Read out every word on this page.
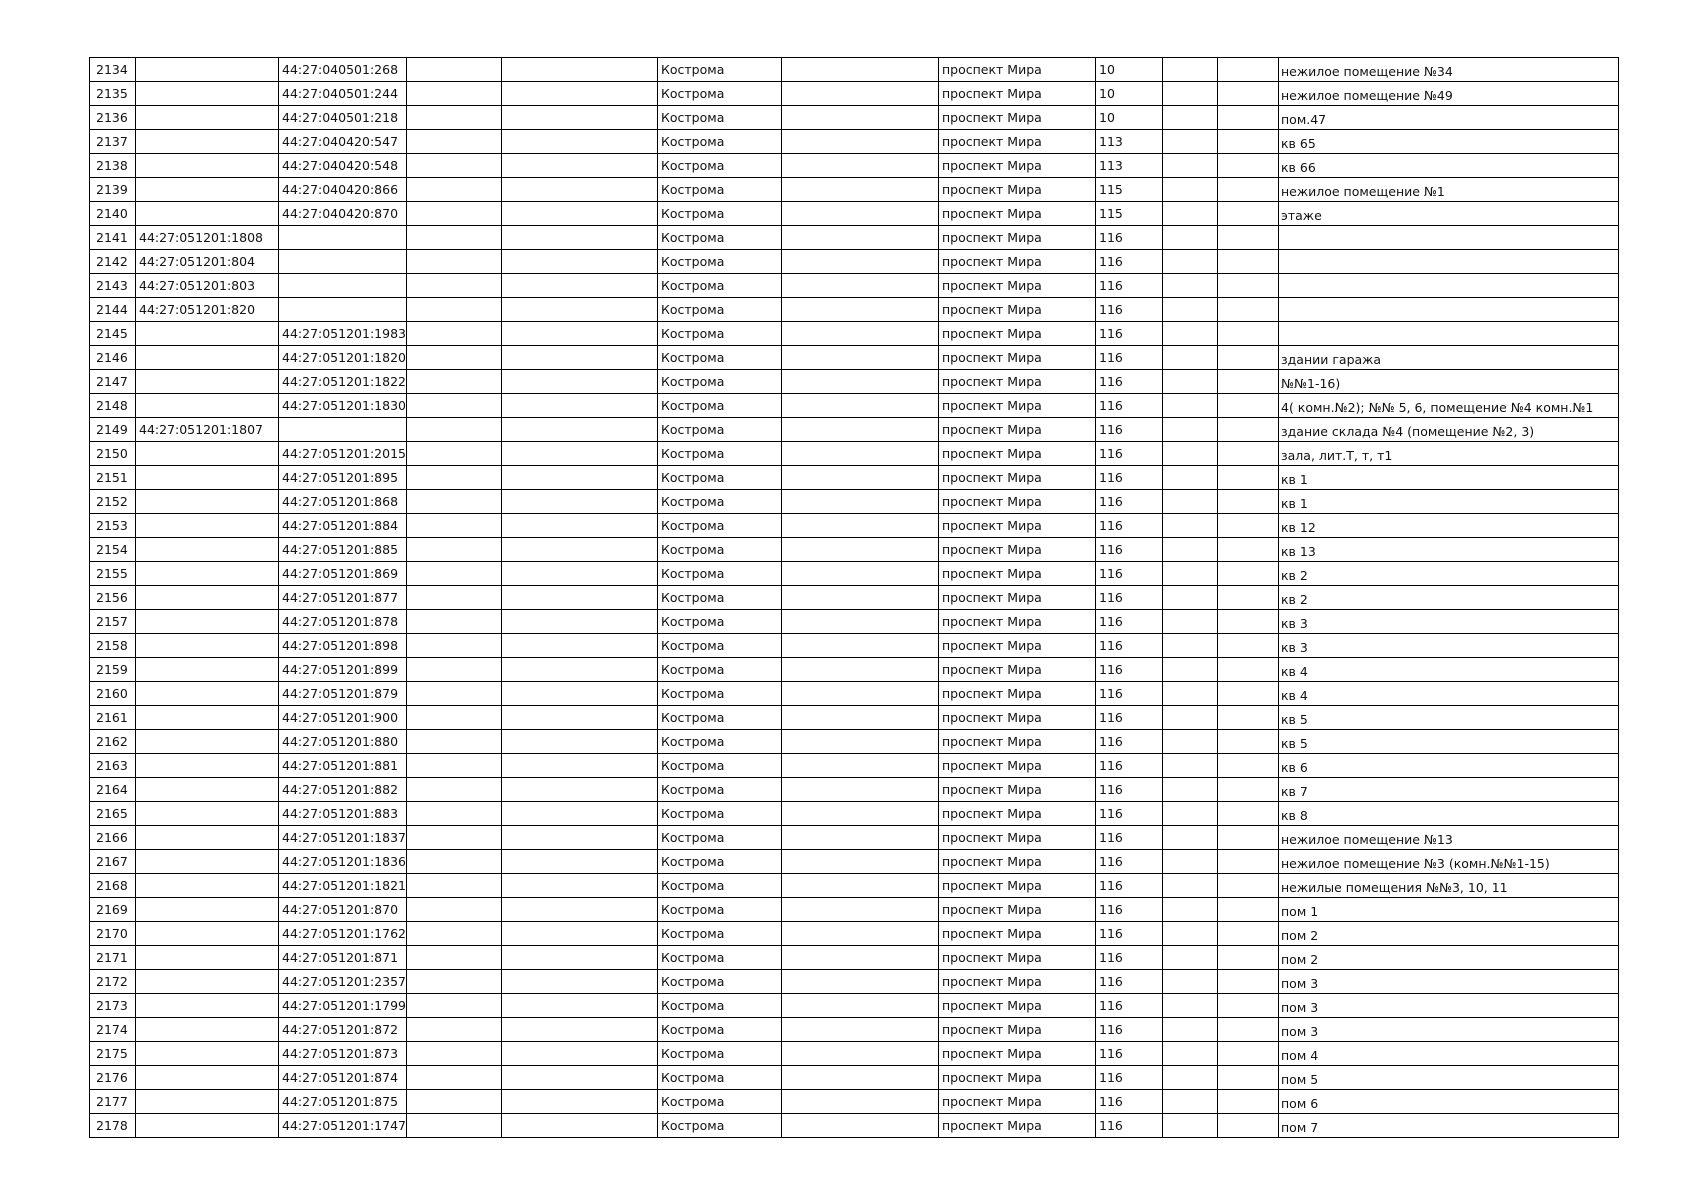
2134		44:27:040501:268			Кострома		проспект Мира	10			нежилое помещение №34
2135		44:27:040501:244			Кострома		проспект Мира	10			нежилое помещение №49
2136		44:27:040501:218			Кострома		проспект Мира	10			пом.47
2137		44:27:040420:547			Кострома		проспект Мира	113			кв 65
2138		44:27:040420:548			Кострома		проспект Мира	113			кв 66
2139		44:27:040420:866			Кострома		проспект Мира	115			нежилое помещение №1
2140		44:27:040420:870			Кострома		проспект Мира	115			этаже
2141	44:27:051201:1808				Кострома		проспект Мира	116			
2142	44:27:051201:804				Кострома		проспект Мира	116			
2143	44:27:051201:803				Кострома		проспект Мира	116			
2144	44:27:051201:820				Кострома		проспект Мира	116			
2145		44:27:051201:1983			Кострома		проспект Мира	116			
2146		44:27:051201:1820			Кострома		проспект Мира	116			здании гаража
2147		44:27:051201:1822			Кострома		проспект Мира	116			№№1-16)
2148		44:27:051201:1830			Кострома		проспект Мира	116			4( комн.№2); №№ 5, 6, помещение №4 комн.№1
2149	44:27:051201:1807				Кострома		проспект Мира	116			здание склада №4 (помещение №2, 3)
2150		44:27:051201:2015			Кострома		проспект Мира	116			зала, лит.Т, т, т1
2151		44:27:051201:895			Кострома		проспект Мира	116			кв 1
2152		44:27:051201:868			Кострома		проспект Мира	116			кв 1
2153		44:27:051201:884			Кострома		проспект Мира	116			кв 12
2154		44:27:051201:885			Кострома		проспект Мира	116			кв 13
2155		44:27:051201:869			Кострома		проспект Мира	116			кв 2
2156		44:27:051201:877			Кострома		проспект Мира	116			кв 2
2157		44:27:051201:878			Кострома		проспект Мира	116			кв 3
2158		44:27:051201:898			Кострома		проспект Мира	116			кв 3
2159		44:27:051201:899			Кострома		проспект Мира	116			кв 4
2160		44:27:051201:879			Кострома		проспект Мира	116			кв 4
2161		44:27:051201:900			Кострома		проспект Мира	116			кв 5
2162		44:27:051201:880			Кострома		проспект Мира	116			кв 5
2163		44:27:051201:881			Кострома		проспект Мира	116			кв 6
2164		44:27:051201:882			Кострома		проспект Мира	116			кв 7
2165		44:27:051201:883			Кострома		проспект Мира	116			кв 8
2166		44:27:051201:1837			Кострома		проспект Мира	116			нежилое помещение №13
2167		44:27:051201:1836			Кострома		проспект Мира	116			нежилое помещение №3 (комн.№№1-15)
2168		44:27:051201:1821			Кострома		проспект Мира	116			нежилые помещения №№3, 10, 11
2169		44:27:051201:870			Кострома		проспект Мира	116			пом 1
2170		44:27:051201:1762			Кострома		проспект Мира	116			пом 2
2171		44:27:051201:871			Кострома		проспект Мира	116			пом 2
2172		44:27:051201:2357			Кострома		проспект Мира	116			пом 3
2173		44:27:051201:1799			Кострома		проспект Мира	116			пом 3
2174		44:27:051201:872			Кострома		проспект Мира	116			пом 3
2175		44:27:051201:873			Кострома		проспект Мира	116			пом 4
2176		44:27:051201:874			Кострома		проспект Мира	116			пом 5
2177		44:27:051201:875			Кострома		проспект Мира	116			пом 6
2178		44:27:051201:1747			Кострома		проспект Мира	116			пом 7
